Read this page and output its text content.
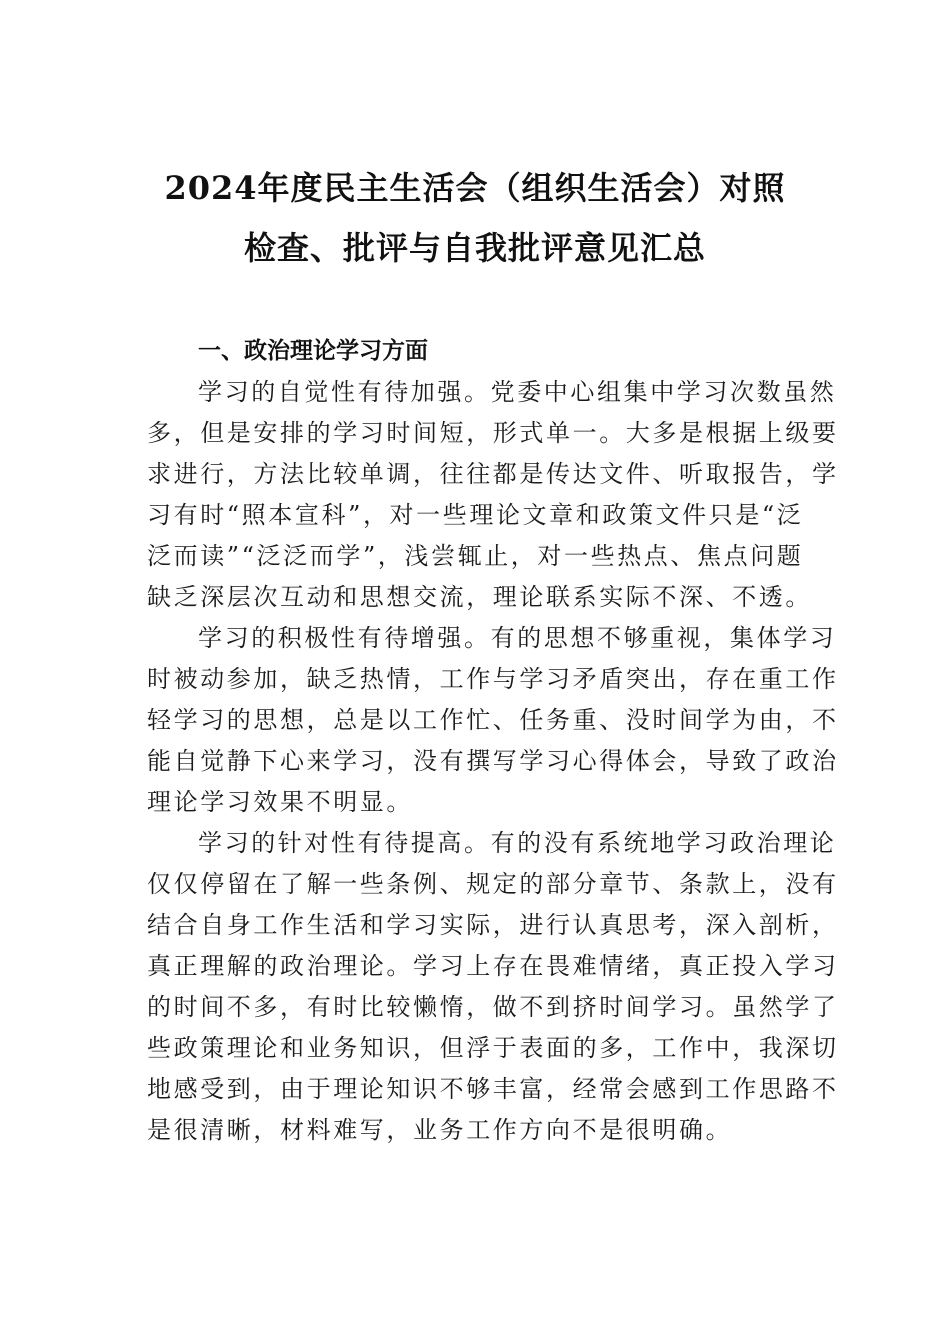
2024年度民主生活会（组织生活会）对照
检查、批评与自我批评意见汇总

一、政治理论学习方面

学习的自觉性有待加强。党委中心组集中学习次数虽然
多，但是安排的学习时间短，形式单一。大多是根据上级要
求进行，方法比较单调，往往都是传达文件、听取报告，学
习有时“照本宣科”，对一些理论文章和政策文件只是“泛
泛而读”“泛泛而学”，浅尝辄止，对一些热点、焦点问题
缺乏深层次互动和思想交流，理论联系实际不深、不透。

学习的积极性有待增强。有的思想不够重视，集体学习
时被动参加，缺乏热情，工作与学习矛盾突出，存在重工作
轻学习的思想，总是以工作忙、任务重、没时间学为由，不
能自觉静下心来学习，没有撰写学习心得体会，导致了政治
理论学习效果不明显。

学习的针对性有待提高。有的没有系统地学习政治理论
仅仅停留在了解一些条例、规定的部分章节、条款上，没有
结合自身工作生活和学习实际，进行认真思考，深入剖析，
真正理解的政治理论。学习上存在畏难情绪，真正投入学习
的时间不多，有时比较懒惰，做不到挤时间学习。虽然学了
些政策理论和业务知识，但浮于表面的多，工作中，我深切
地感受到，由于理论知识不够丰富，经常会感到工作思路不
是很清晰，材料难写，业务工作方向不是很明确。
